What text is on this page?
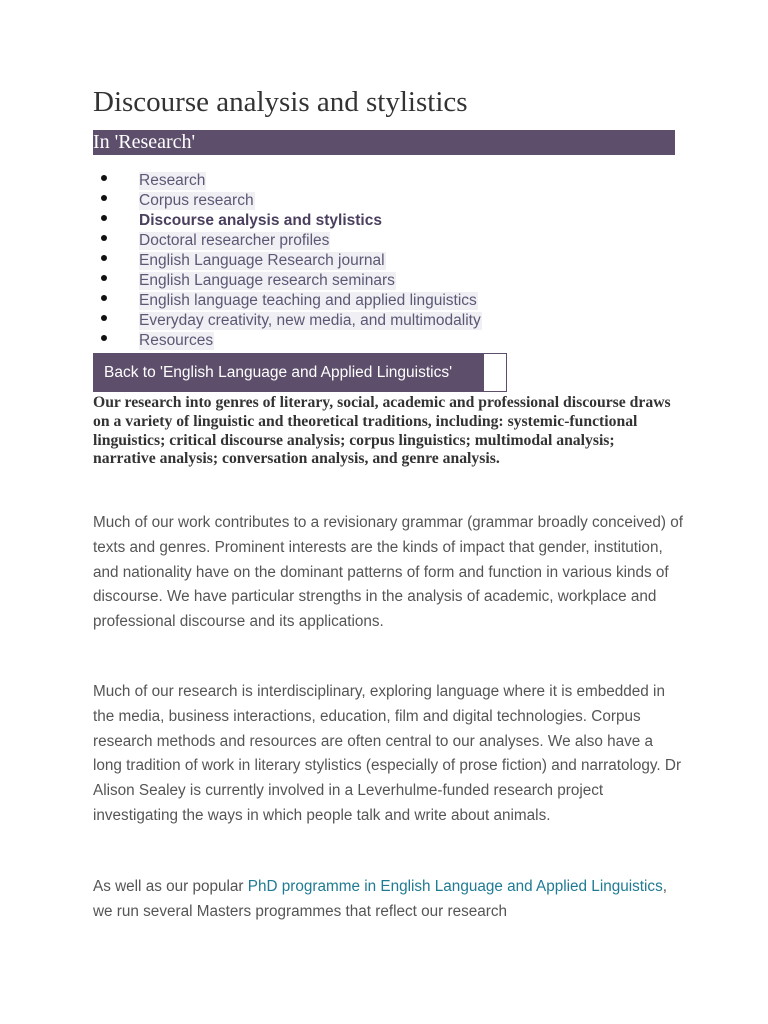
Discourse analysis and stylistics
In 'Research'
Research
Corpus research
Discourse analysis and stylistics
Doctoral researcher profiles
English Language Research journal
English Language research seminars
English language teaching and applied linguistics
Everyday creativity, new media, and multimodality
Resources
Back to 'English Language and Applied Linguistics'

Our research into genres of literary, social, academic and professional discourse draws on a variety of linguistic and theoretical traditions, including: systemic-functional linguistics; critical discourse analysis; corpus linguistics; multimodal analysis; narrative analysis; conversation analysis, and genre analysis.

Much of our work contributes to a revisionary grammar (grammar broadly conceived) of texts and genres. Prominent interests are the kinds of impact that gender, institution, and nationality have on the dominant patterns of form and function in various kinds of discourse. We have particular strengths in the analysis of academic, workplace and professional discourse and its applications.

Much of our research is interdisciplinary, exploring language where it is embedded in the media, business interactions, education, film and digital technologies. Corpus research methods and resources are often central to our analyses. We also have a long tradition of work in literary stylistics (especially of prose fiction) and narratology. Dr Alison Sealey is currently involved in a Leverhulme-funded research project investigating the ways in which people talk and write about animals.

As well as our popular PhD programme in English Language and Applied Linguistics, we run several Masters programmes that reflect our research
